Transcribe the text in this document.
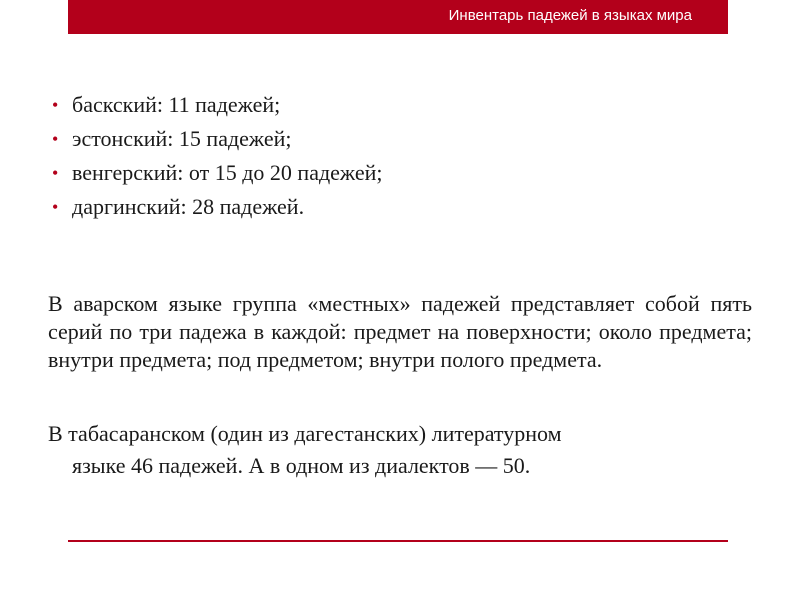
Инвентарь падежей в языках мира
• баскский: 11 падежей;
• эстонский: 15 падежей;
• венгерский: от 15 до 20 падежей;
• даргинский: 28 падежей.

В аварском языке группа «местных» падежей представляет собой пять серий по три падежа в каждой: предмет на поверхности; около предмета; внутри предмета; под предметом; внутри полого предмета.

В табасаранском (один из дагестанских) литературном
языке 46 падежей. А в одном из диалектов — 50.
